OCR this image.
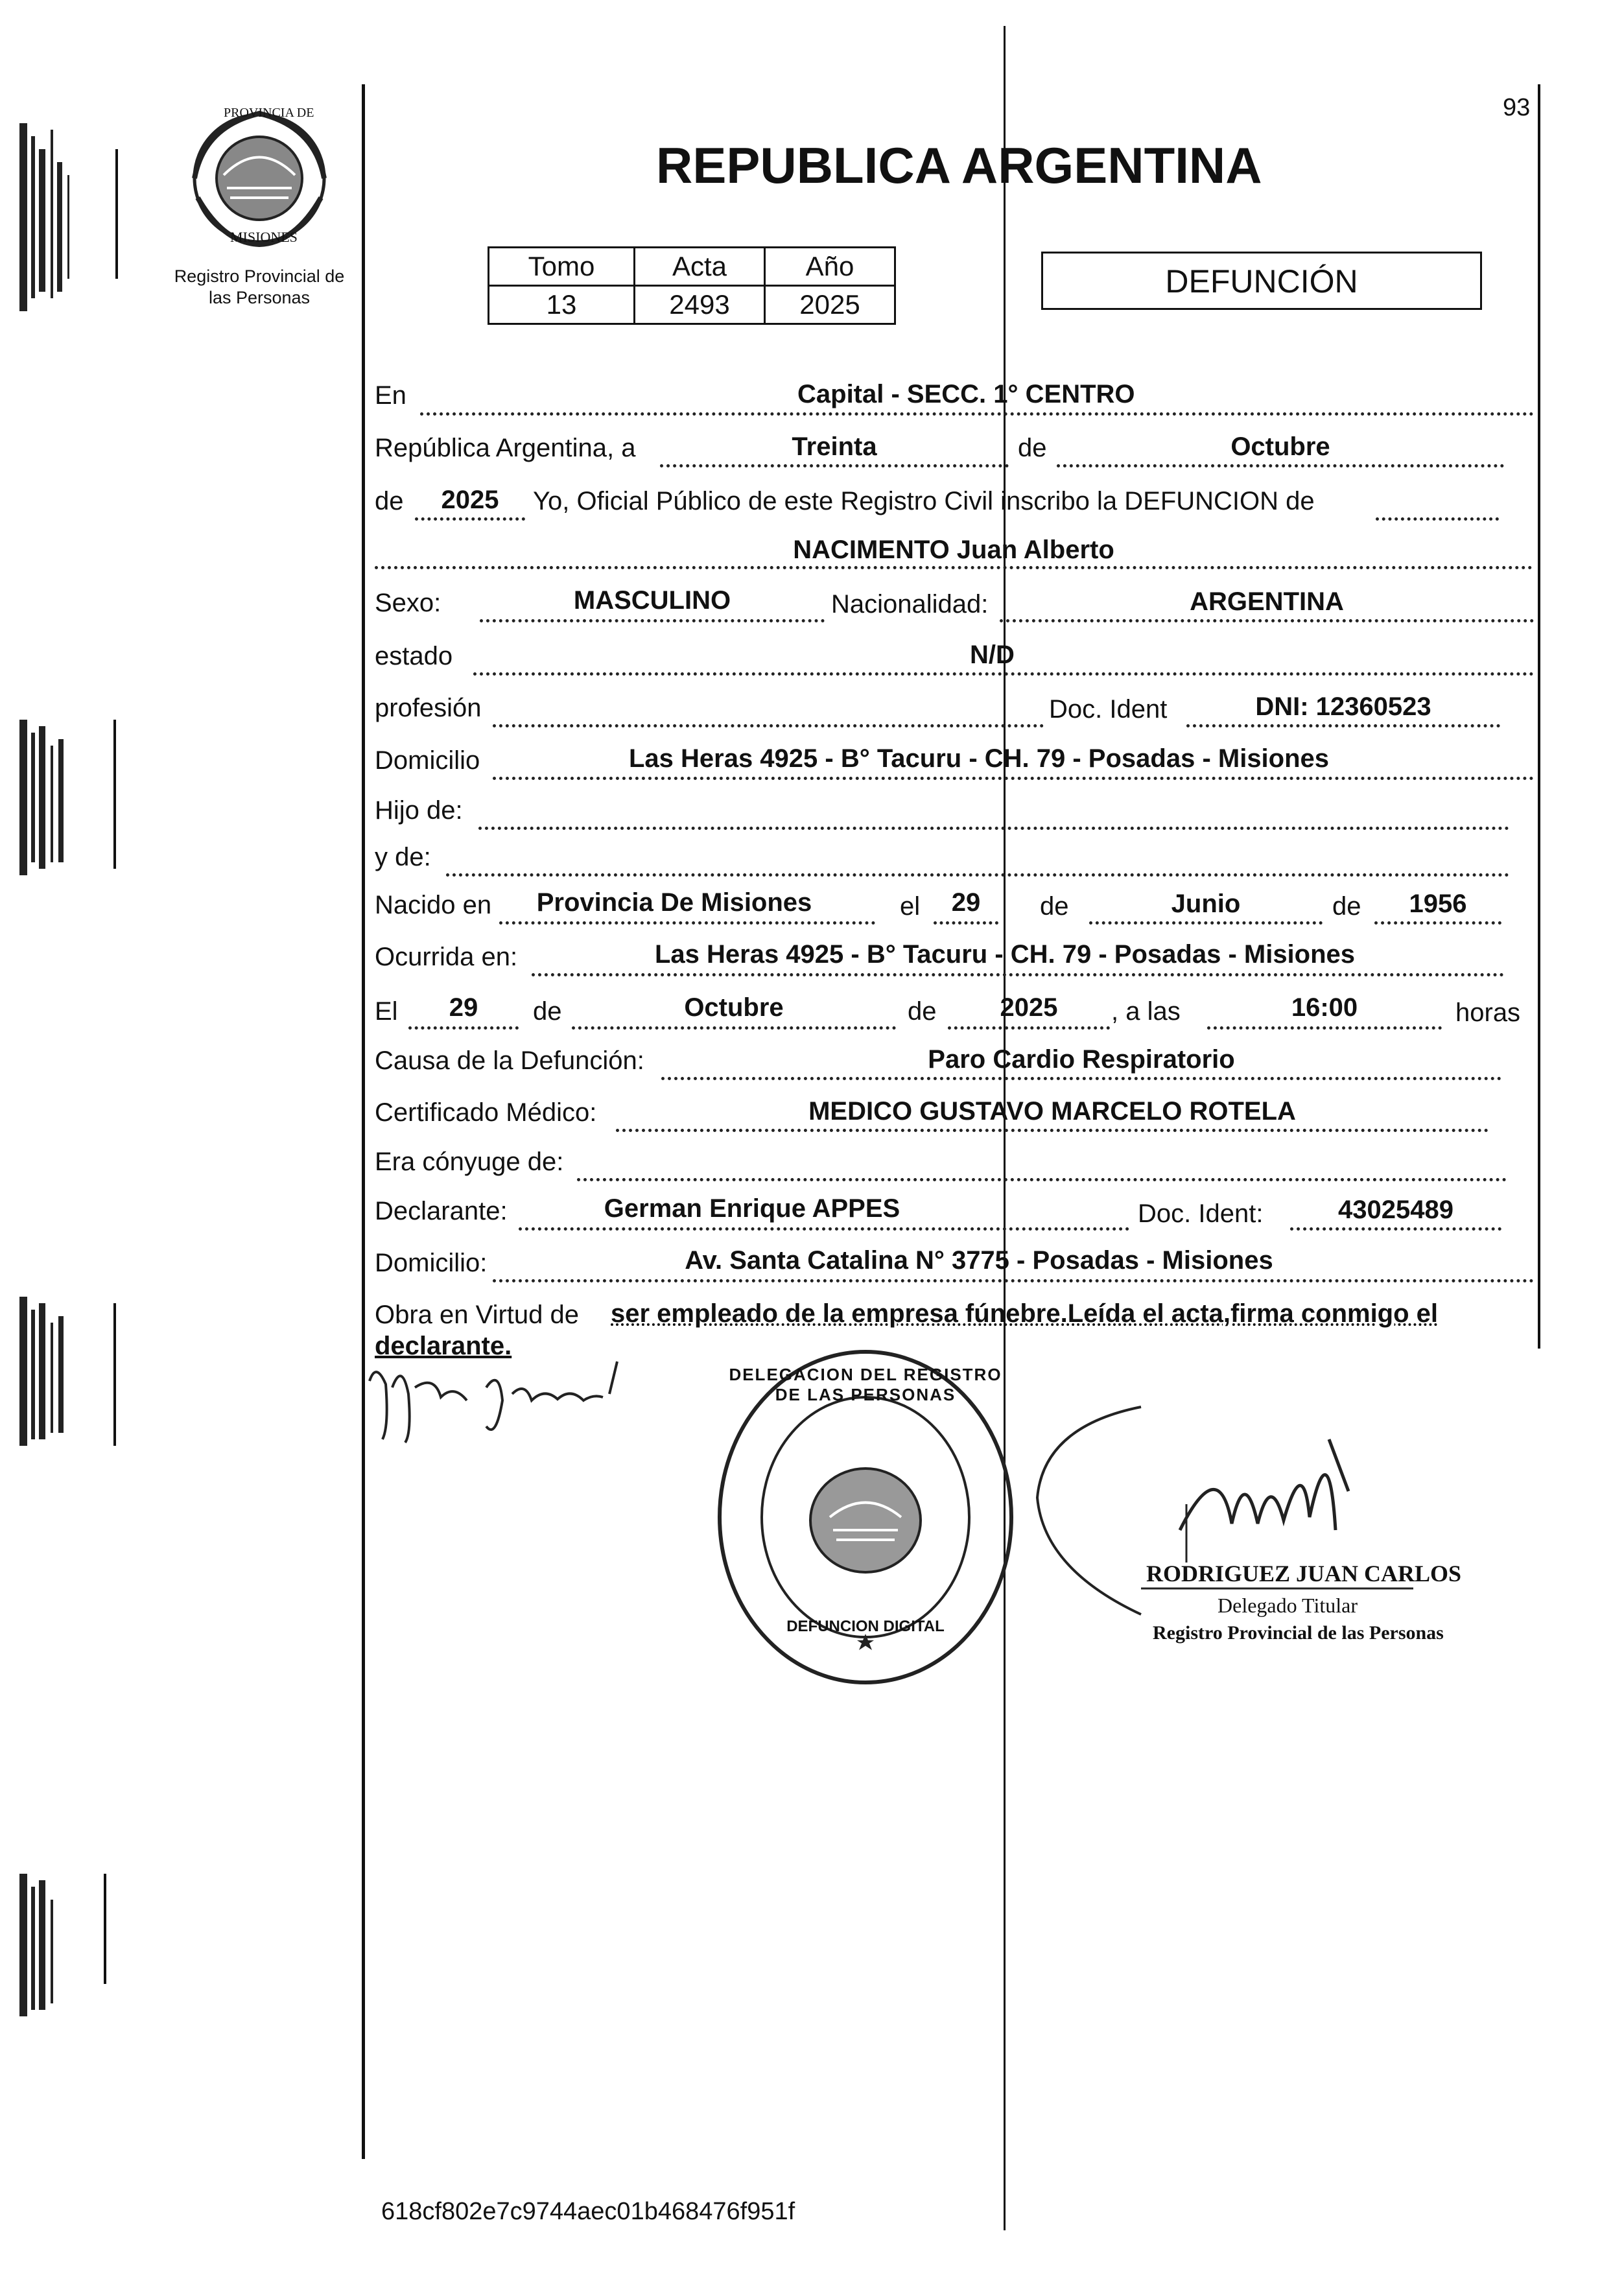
93
PROVINCIA DE
MISIONES
Registro Provincial de
las Personas
REPUBLICA ARGENTINA
Tomo	Acta	Año
13	2493	2025
DEFUNCIÓN
En	Capital - SECC. 1° CENTRO
República Argentina, a	Treinta	de	Octubre
de	2025	Yo, Oficial Público de este Registro Civil inscribo la DEFUNCION de
NACIMENTO Juan Alberto
Sexo:	MASCULINO	Nacionalidad:	ARGENTINA
estado	N/D
profesión	Doc. Ident	DNI: 12360523
Domicilio	Las Heras 4925 - B° Tacuru - CH. 79 - Posadas - Misiones
Hijo de:
y de:
Nacido en	Provincia De Misiones	el	29	de	Junio	de	1956
Ocurrida en:	Las Heras 4925 - B° Tacuru - CH. 79 - Posadas - Misiones
El	29	de	Octubre	de	2025	, a las	16:00	horas
Causa de la Defunción:	Paro Cardio Respiratorio
Certificado Médico:	MEDICO GUSTAVO MARCELO ROTELA
Era cónyuge de:
Declarante:	German Enrique APPES	Doc. Ident:	43025489
Domicilio:	Av. Santa Catalina N° 3775 - Posadas - Misiones
Obra en Virtud de ser empleado de la empresa fúnebre.Leída el acta,firma conmigo el
declarante.
DELEGACION DEL REGISTRO DE LAS PERSONAS
DEFUNCION DIGITAL
RODRIGUEZ JUAN CARLOS
Delegado Titular
Registro Provincial de las Personas
618cf802e7c9744aec01b468476f951f
